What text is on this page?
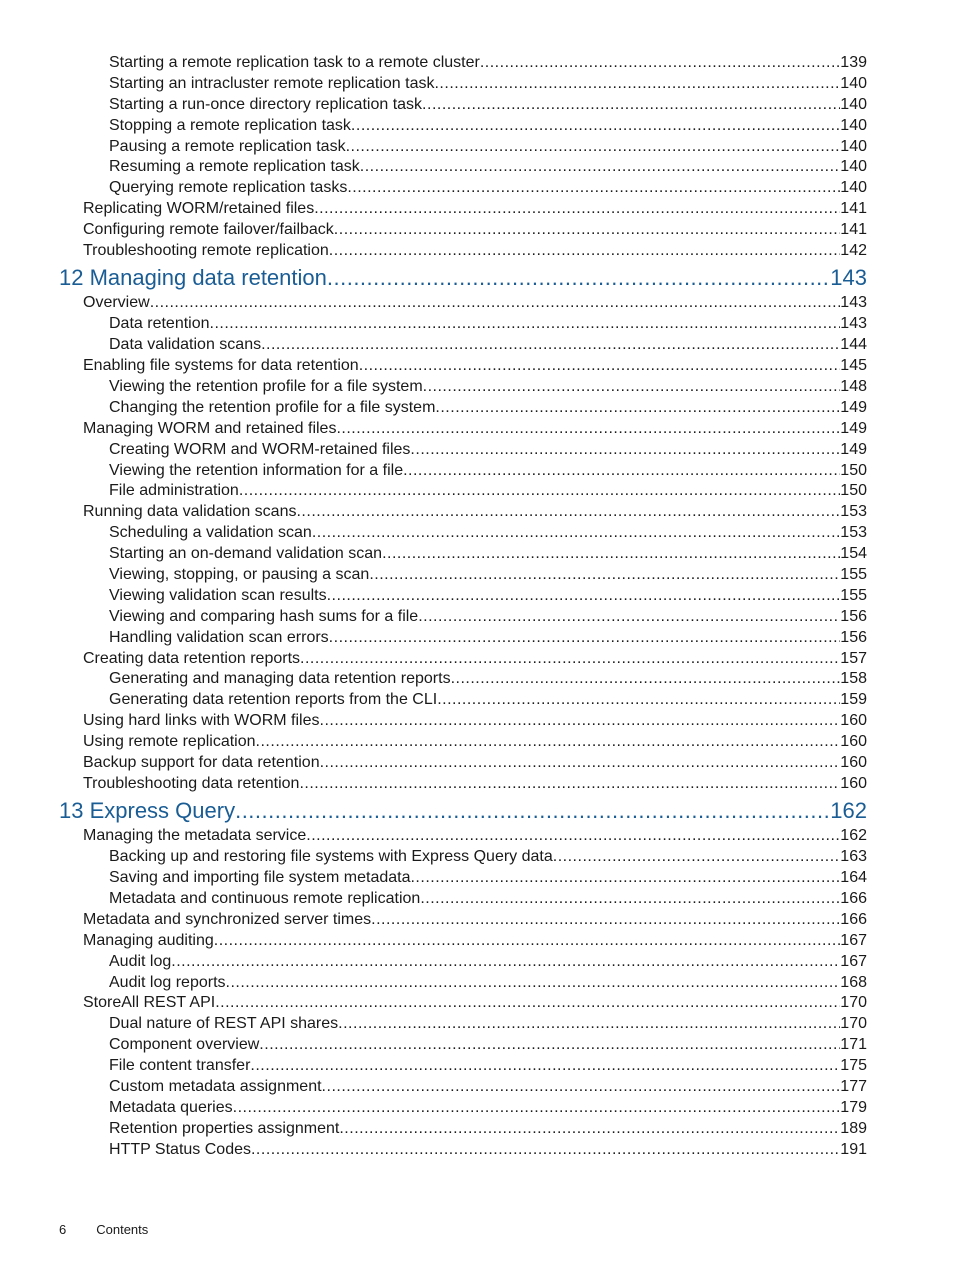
Starting a remote replication task to a remote cluster .....	139
Starting an intracluster remote replication task .....	140
Starting a run-once directory replication task .....	140
Stopping a remote replication task .....	140
Pausing a remote replication task .....	140
Resuming a remote replication task .....	140
Querying remote replication tasks .....	140
Replicating WORM/retained files .....	141
Configuring remote failover/failback .....	141
Troubleshooting remote replication .....	142
12 Managing data retention .....	143
Overview .....	143
Data retention .....	143
Data validation scans .....	144
Enabling file systems for data retention .....	145
Viewing the retention profile for a file system .....	148
Changing the retention profile for a file system .....	149
Managing WORM and retained files .....	149
Creating WORM and WORM-retained files .....	149
Viewing the retention information for a file .....	150
File administration .....	150
Running data validation scans .....	153
Scheduling a validation scan .....	153
Starting an on-demand validation scan .....	154
Viewing, stopping, or pausing a scan .....	155
Viewing validation scan results .....	155
Viewing and comparing hash sums for a file .....	156
Handling validation scan errors .....	156
Creating data retention reports .....	157
Generating and managing data retention reports .....	158
Generating data retention reports from the CLI .....	159
Using hard links with WORM files .....	160
Using remote replication .....	160
Backup support for data retention .....	160
Troubleshooting data retention .....	160
13 Express Query .....	162
Managing the metadata service .....	162
Backing up and restoring file systems with Express Query data .....	163
Saving and importing file system metadata .....	164
Metadata and continuous remote replication .....	166
Metadata and synchronized server times .....	166
Managing auditing .....	167
Audit log .....	167
Audit log reports .....	168
StoreAll REST API .....	170
Dual nature of REST API shares .....	170
Component overview .....	171
File content transfer .....	175
Custom metadata assignment .....	177
Metadata queries .....	179
Retention properties assignment .....	189
HTTP Status Codes .....	191
6 Contents
